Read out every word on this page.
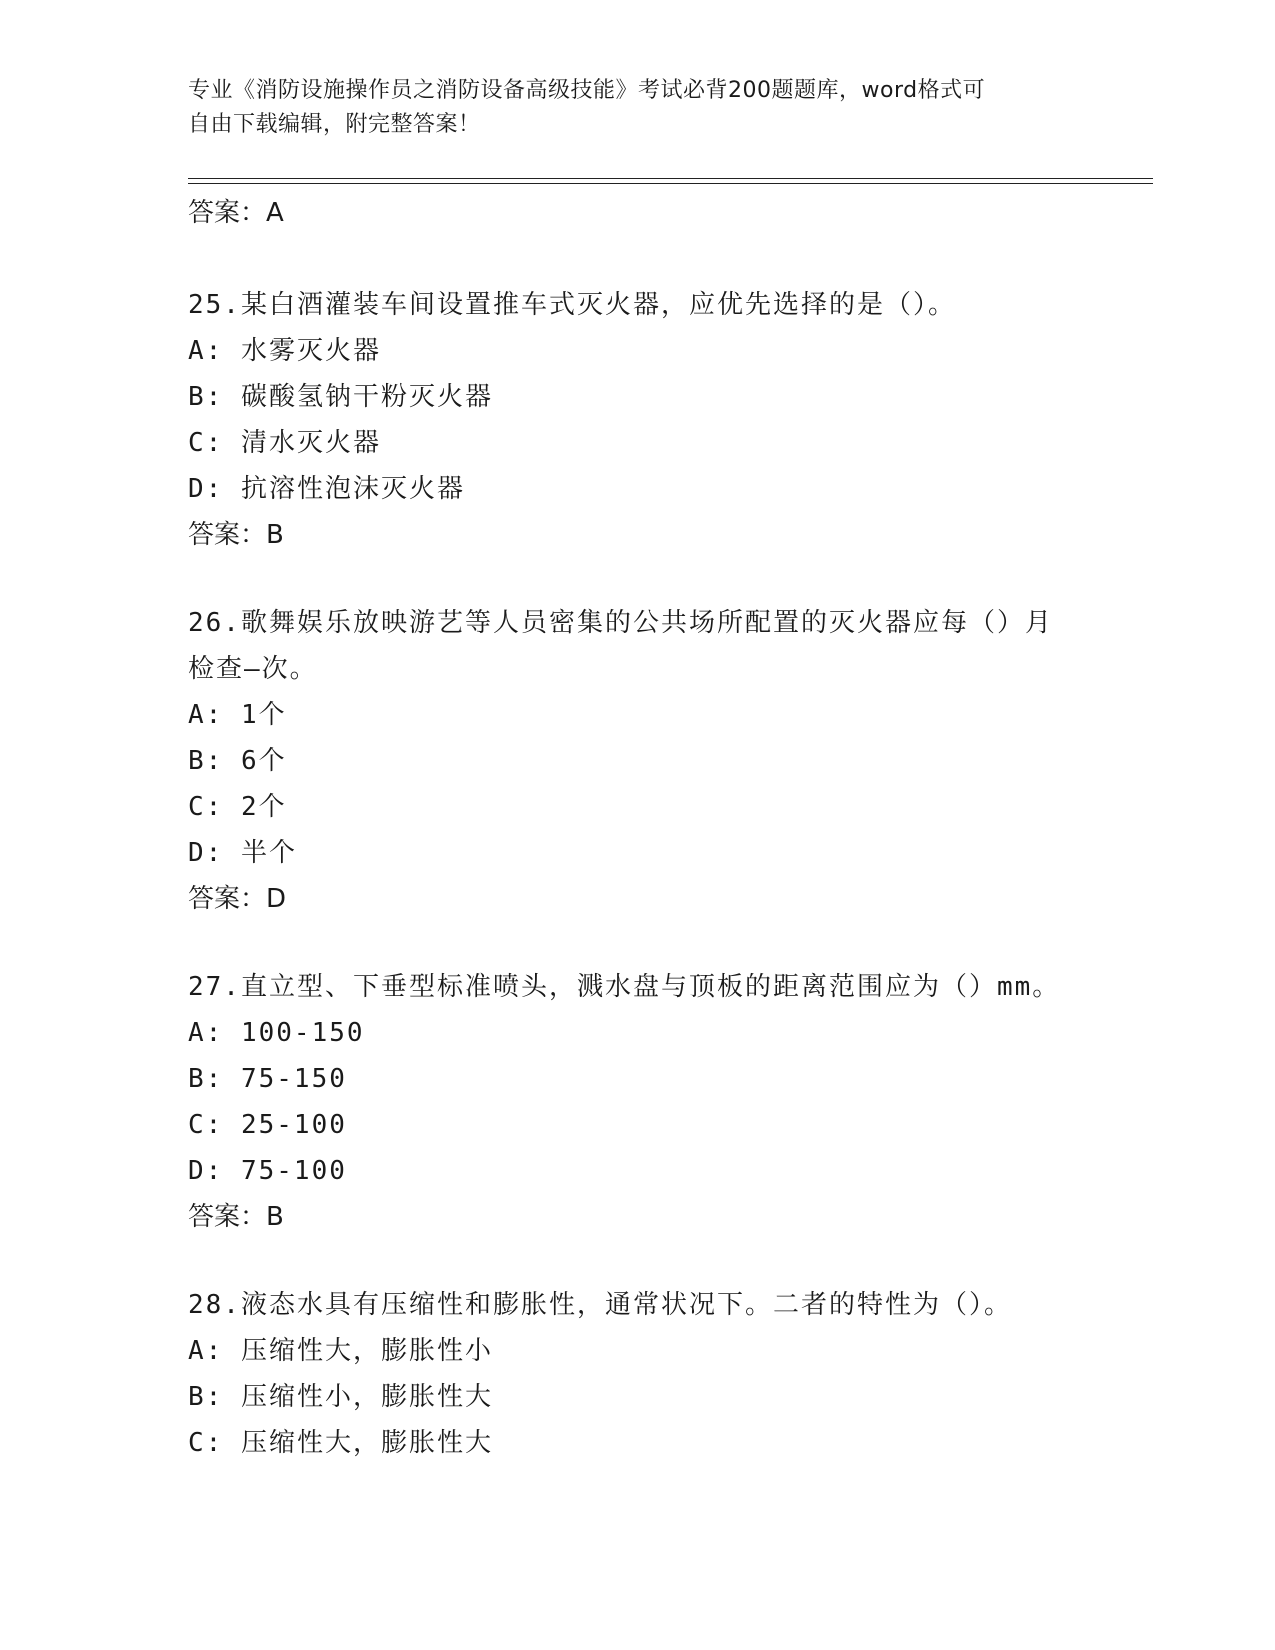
专业《消防设施操作员之消防设备高级技能》考试必背200题题库，word格式可
自由下载编辑，附完整答案！
答案：A
25.某白酒灌装车间设置推车式灭火器，应优先选择的是（）。
A: 水雾灭火器
B: 碳酸氢钠干粉灭火器
C: 清水灭火器
D: 抗溶性泡沫灭火器
答案：B
26.歌舞娱乐放映游艺等人员密集的公共场所配置的灭火器应每（）月
检查—次。
A: 1个
B: 6个
C: 2个
D: 半个
答案：D
27.直立型、下垂型标准喷头，溅水盘与顶板的距离范围应为（）mm。
A: 100-150
B: 75-150
C: 25-100
D: 75-100
答案：B
28.液态水具有压缩性和膨胀性，通常状况下。二者的特性为（）。
A: 压缩性大，膨胀性小
B: 压缩性小，膨胀性大
C: 压缩性大，膨胀性大
